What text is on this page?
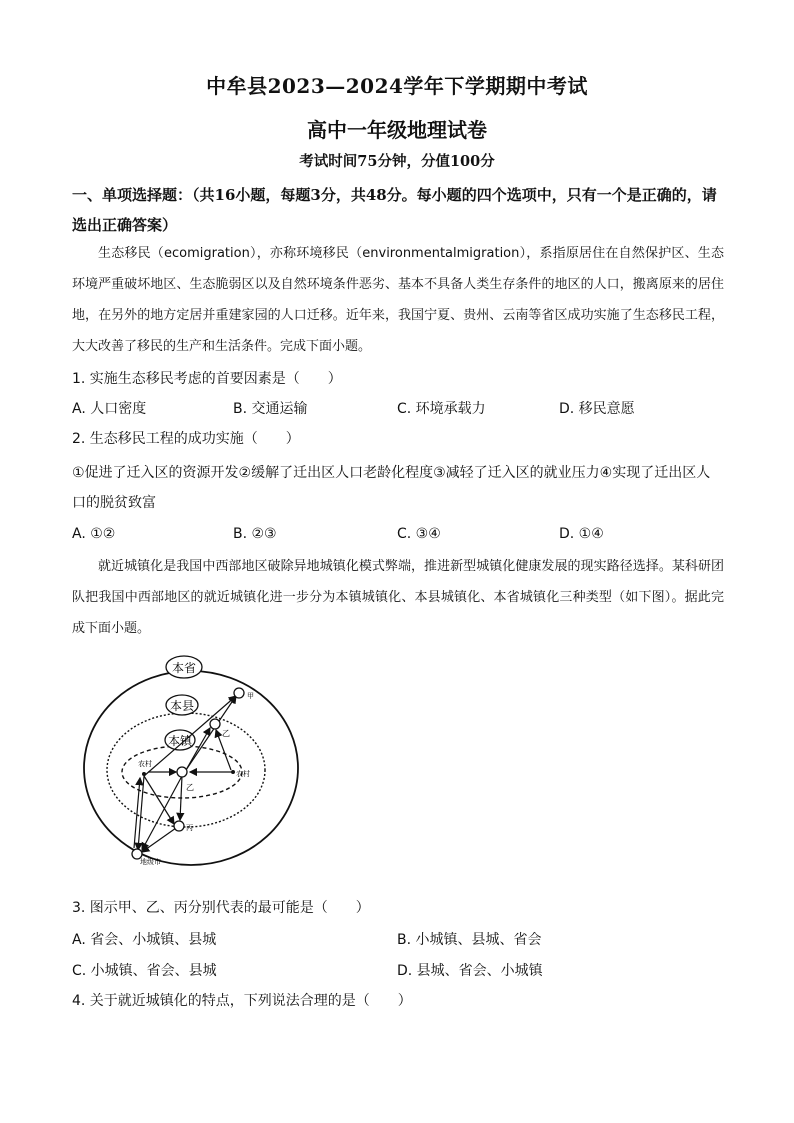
中牟县2023—2024学年下学期期中考试
高中一年级地理试卷
考试时间75分钟，分值100分
一、单项选择题：（共16小题，每题3分，共48分。每小题的四个选项中，只有一个是正确的，请选出正确答案）
生态移民（ecomigration），亦称环境移民（environmentalmigration），系指原居住在自然保护区、生态环境严重破坏地区、生态脆弱区以及自然环境条件恶劣、基本不具备人类生存条件的地区的人口，搬离原来的居住地，在另外的地方定居并重建家园的人口迁移。近年来，我国宁夏、贵州、云南等省区成功实施了生态移民工程，大大改善了移民的生产和生活条件。完成下面小题。
1. 实施生态移民考虑的首要因素是（　　）
A. 人口密度	B. 交通运输	C. 环境承载力	D. 移民意愿
2. 生态移民工程的成功实施（　　）
①促进了迁入区的资源开发②缓解了迁出区人口老龄化程度③减轻了迁入区的就业压力④实现了迁出区人口的脱贫致富
A. ①②	B. ②③	C. ③④	D. ①④
就近城镇化是我国中西部地区破除异地城镇化模式弊端，推进新型城镇化健康发展的现实路径选择。某科研团队把我国中西部地区的就近城镇化进一步分为本镇城镇化、本县城镇化、本省城镇化三种类型（如下图）。据此完成下面小题。
本省
本县
本镇
甲
乙
乙
丙
地级市
农村
农村
3. 图示甲、乙、丙分别代表的最可能是（　　）
A. 省会、小城镇、县城	B. 小城镇、县城、省会
C. 小城镇、省会、县城	D. 县城、省会、小城镇
4. 关于就近城镇化的特点，下列说法合理的是（　　）
